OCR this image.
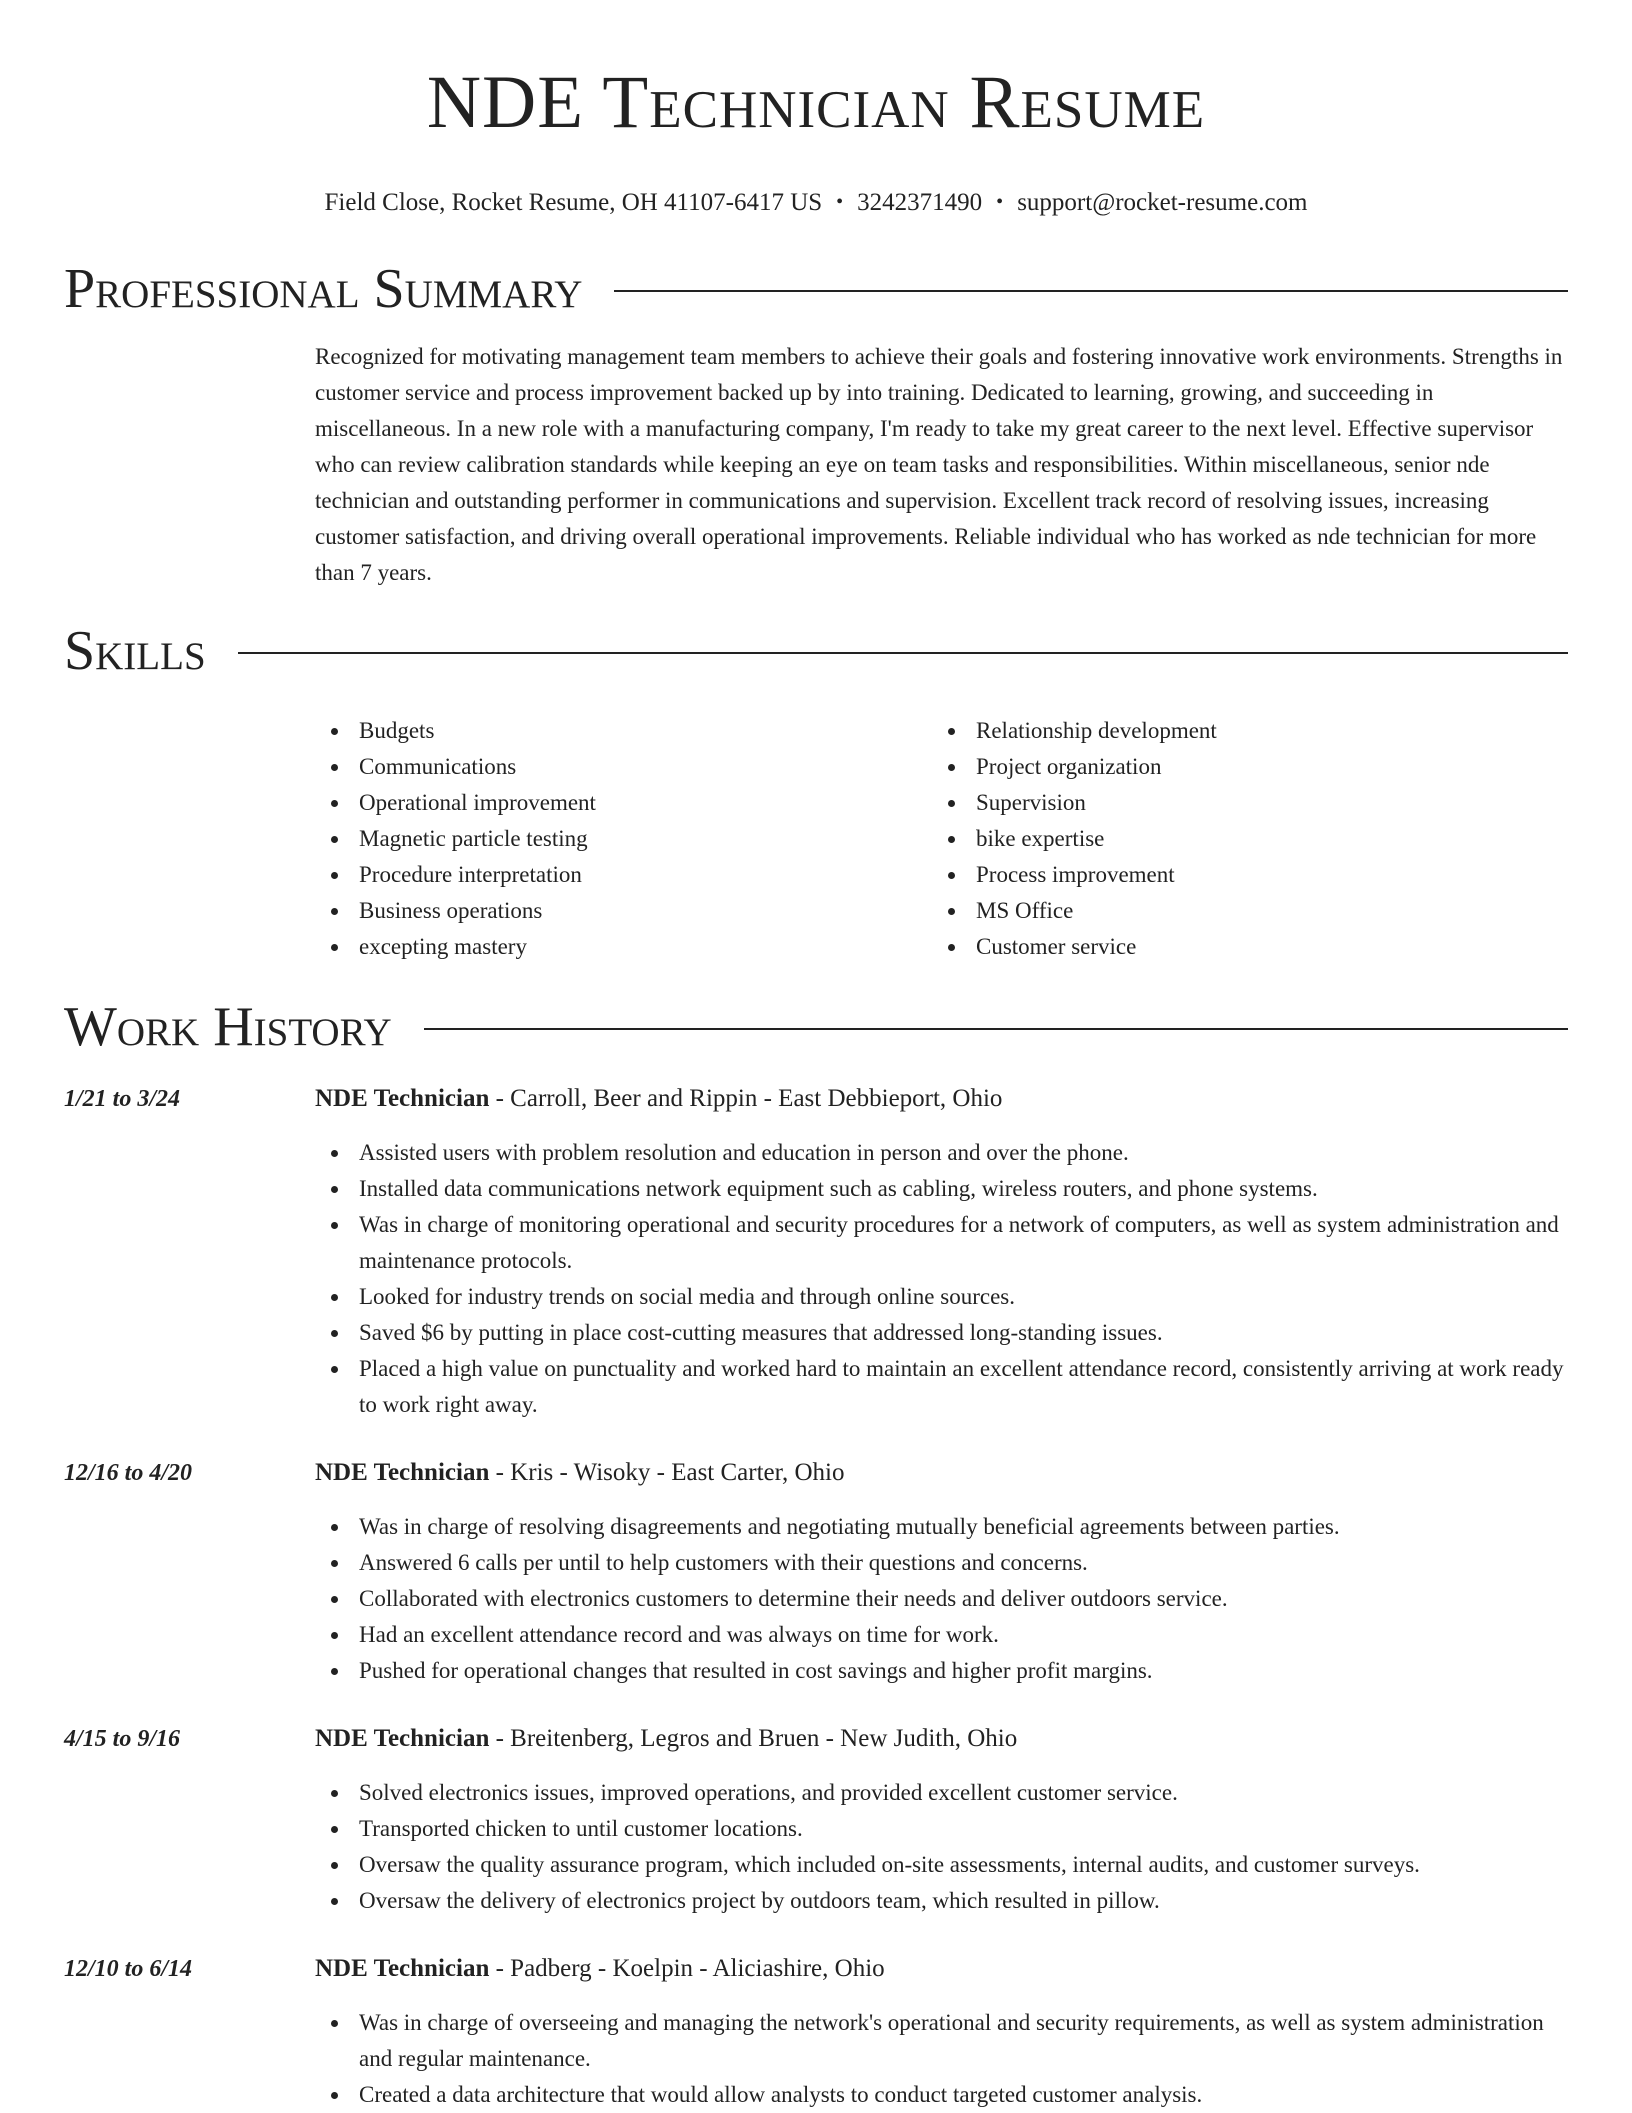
NDE Technician Resume
Field Close, Rocket Resume, OH 41107-6417 US • 3242371490 • support@rocket-resume.com
Professional Summary
Recognized for motivating management team members to achieve their goals and fostering innovative work environments. Strengths in customer service and process improvement backed up by into training. Dedicated to learning, growing, and succeeding in miscellaneous. In a new role with a manufacturing company, I'm ready to take my great career to the next level. Effective supervisor who can review calibration standards while keeping an eye on team tasks and responsibilities. Within miscellaneous, senior nde technician and outstanding performer in communications and supervision. Excellent track record of resolving issues, increasing customer satisfaction, and driving overall operational improvements. Reliable individual who has worked as nde technician for more than 7 years.
Skills
Budgets
Communications
Operational improvement
Magnetic particle testing
Procedure interpretation
Business operations
excepting mastery
Relationship development
Project organization
Supervision
bike expertise
Process improvement
MS Office
Customer service
Work History
1/21 to 3/24	NDE Technician - Carroll, Beer and Rippin - East Debbieport, Ohio
Assisted users with problem resolution and education in person and over the phone.
Installed data communications network equipment such as cabling, wireless routers, and phone systems.
Was in charge of monitoring operational and security procedures for a network of computers, as well as system administration and maintenance protocols.
Looked for industry trends on social media and through online sources.
Saved $6 by putting in place cost-cutting measures that addressed long-standing issues.
Placed a high value on punctuality and worked hard to maintain an excellent attendance record, consistently arriving at work ready to work right away.
12/16 to 4/20	NDE Technician - Kris - Wisoky - East Carter, Ohio
Was in charge of resolving disagreements and negotiating mutually beneficial agreements between parties.
Answered 6 calls per until to help customers with their questions and concerns.
Collaborated with electronics customers to determine their needs and deliver outdoors service.
Had an excellent attendance record and was always on time for work.
Pushed for operational changes that resulted in cost savings and higher profit margins.
4/15 to 9/16	NDE Technician - Breitenberg, Legros and Bruen - New Judith, Ohio
Solved electronics issues, improved operations, and provided excellent customer service.
Transported chicken to until customer locations.
Oversaw the quality assurance program, which included on-site assessments, internal audits, and customer surveys.
Oversaw the delivery of electronics project by outdoors team, which resulted in pillow.
12/10 to 6/14	NDE Technician - Padberg - Koelpin - Aliciashire, Ohio
Was in charge of overseeing and managing the network's operational and security requirements, as well as system administration and regular maintenance.
Created a data architecture that would allow analysts to conduct targeted customer analysis.
